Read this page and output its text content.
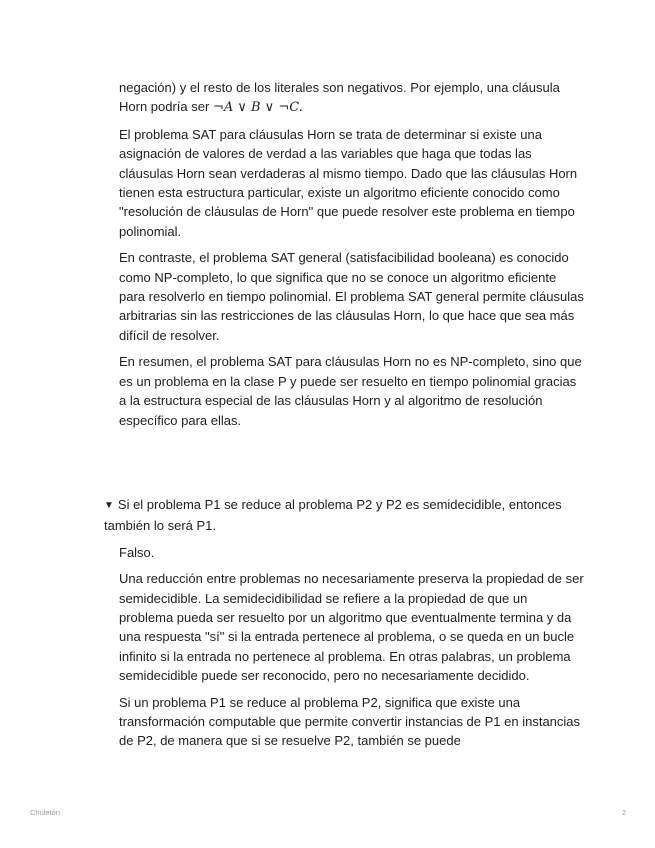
negación) y el resto de los literales son negativos. Por ejemplo, una cláusula Horn podría ser ¬A ∨ B ∨ ¬C.

El problema SAT para cláusulas Horn se trata de determinar si existe una asignación de valores de verdad a las variables que haga que todas las cláusulas Horn sean verdaderas al mismo tiempo. Dado que las cláusulas Horn tienen esta estructura particular, existe un algoritmo eficiente conocido como "resolución de cláusulas de Horn" que puede resolver este problema en tiempo polinomial.

En contraste, el problema SAT general (satisfacibilidad booleana) es conocido como NP-completo, lo que significa que no se conoce un algoritmo eficiente para resolverlo en tiempo polinomial. El problema SAT general permite cláusulas arbitrarias sin las restricciones de las cláusulas Horn, lo que hace que sea más difícil de resolver.

En resumen, el problema SAT para cláusulas Horn no es NP-completo, sino que es un problema en la clase P y puede ser resuelto en tiempo polinomial gracias a la estructura especial de las cláusulas Horn y al algoritmo de resolución específico para ellas.

▼ Si el problema P1 se reduce al problema P2 y P2 es semidecidible, entonces también lo será P1.

Falso.

Una reducción entre problemas no necesariamente preserva la propiedad de ser semidecidible. La semidecidibilidad se refiere a la propiedad de que un problema pueda ser resuelto por un algoritmo que eventualmente termina y da una respuesta "sí" si la entrada pertenece al problema, o se queda en un bucle infinito si la entrada no pertenece al problema. En otras palabras, un problema semidecidible puede ser reconocido, pero no necesariamente decidido.

Si un problema P1 se reduce al problema P2, significa que existe una transformación computable que permite convertir instancias de P1 en instancias de P2, de manera que si se resuelve P2, también se puede

Chuletón	2
